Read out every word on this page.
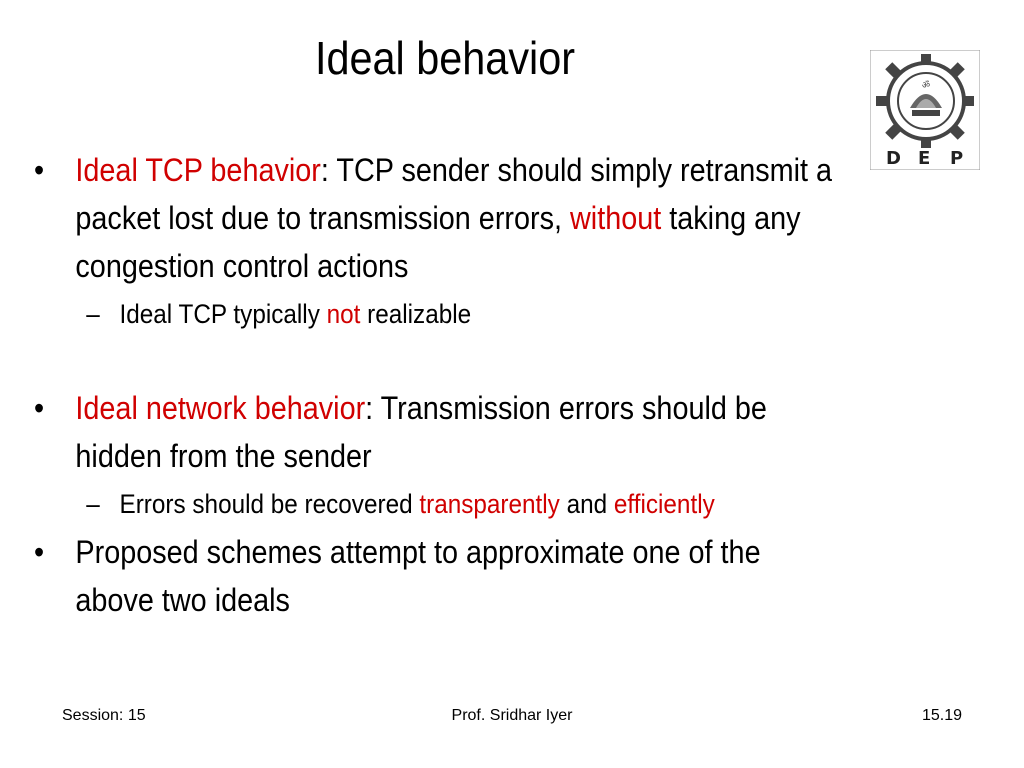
Ideal behavior
ॐ
D E P
• Ideal TCP behavior: TCP sender should simply retransmit a packet lost due to transmission errors, without taking any congestion control actions
– Ideal TCP typically not realizable
• Ideal network behavior: Transmission errors should be hidden from the sender
– Errors should be recovered transparently and efficiently
• Proposed schemes attempt to approximate one of the above two ideals
Session: 15	Prof. Sridhar Iyer	15.19
